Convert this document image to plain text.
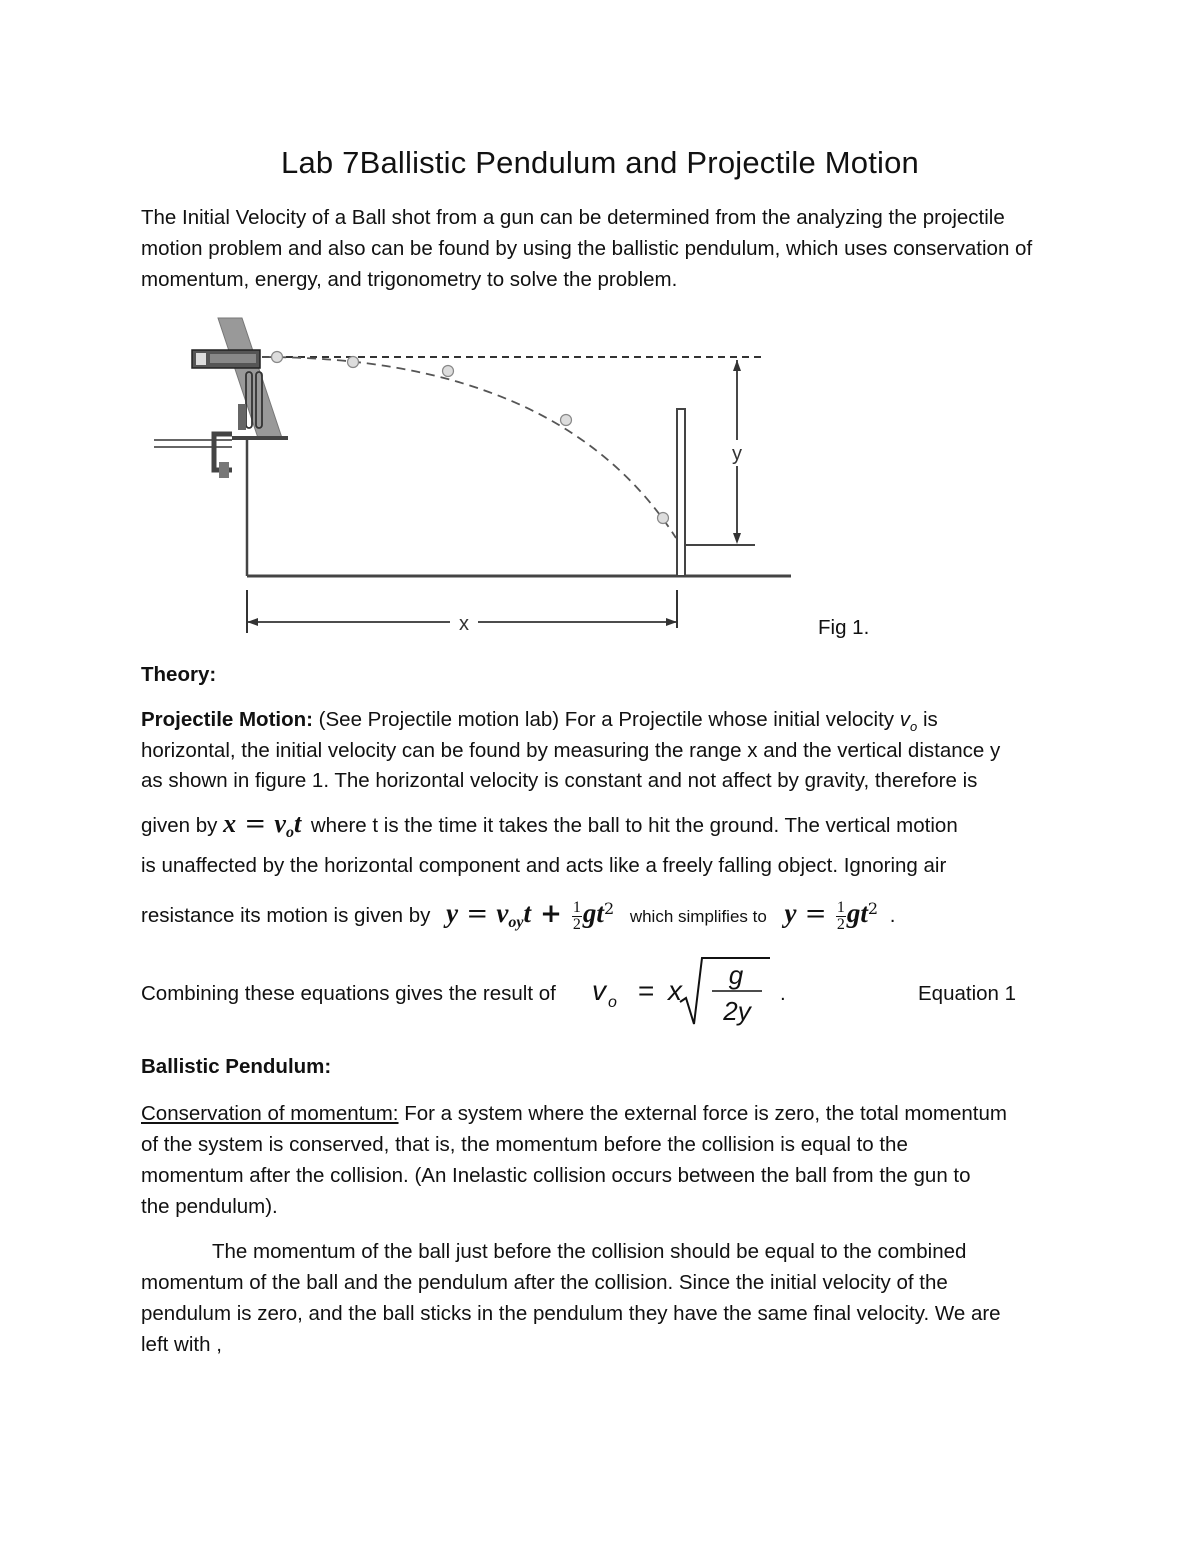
Lab 7Ballistic Pendulum and Projectile Motion
The Initial Velocity of a Ball shot from a gun can be determined from the analyzing the projectile motion problem and also can be found by using the ballistic pendulum, which uses conservation of momentum, energy, and trigonometry to solve the problem.
y
x	Fig 1.
Theory:
Projectile Motion: (See Projectile motion lab) For a Projectile whose initial velocity $v_o$ is
horizontal, the initial velocity can be found by measuring the range x and the vertical distance y
as shown in figure 1. The horizontal velocity is constant and not affect by gravity, therefore is
given by $x = v_ot$ where t is the time it takes the ball to hit the ground. The vertical motion
is unaffected by the horizontal component and acts like a freely falling object. Ignoring air
resistance its motion is given by $y = v_{oy}t + \frac{1}{2} gt^2$ which simplifies to $y = \frac{1}{2} gt^2$ .
Combining these equations gives the result of v o = x g
2y
.	Equation 1
Ballistic Pendulum:
Conservation of momentum: For a system where the external force is zero, the total momentum
of the system is conserved, that is, the momentum before the collision is equal to the
momentum after the collision. (An Inelastic collision occurs between the ball from the gun to
the pendulum).
The momentum of the ball just before the collision should be equal to the combined
momentum of the ball and the pendulum after the collision. Since the initial velocity of the
pendulum is zero, and the ball sticks in the pendulum they have the same final velocity. We are
left with ,
